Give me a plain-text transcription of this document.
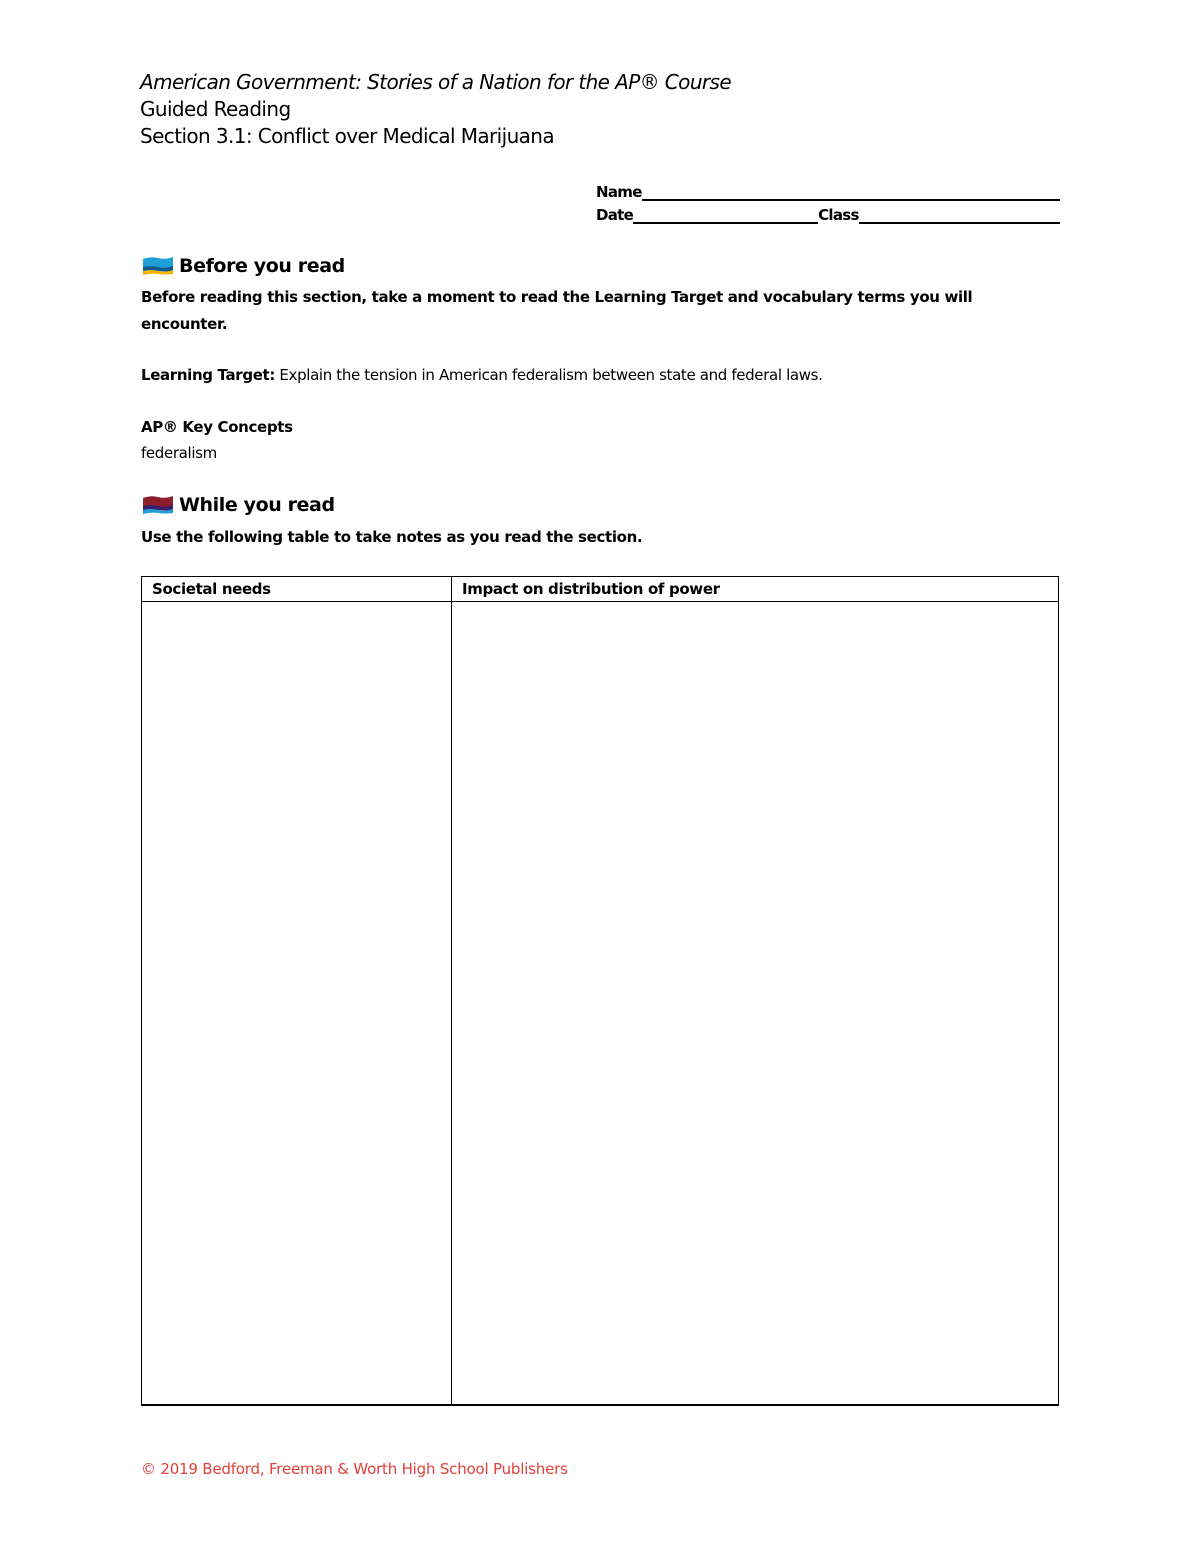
American Government: Stories of a Nation for the AP® Course
Guided Reading
Section 3.1: Conflict over Medical Marijuana
Name
Date	Class
Before you read
Before reading this section, take a moment to read the Learning Target and vocabulary terms you will encounter.
Learning Target: Explain the tension in American federalism between state and federal laws.
AP® Key Concepts
federalism
While you read
Use the following table to take notes as you read the section.
Societal needs	Impact on distribution of power

© 2019 Bedford, Freeman & Worth High School Publishers
